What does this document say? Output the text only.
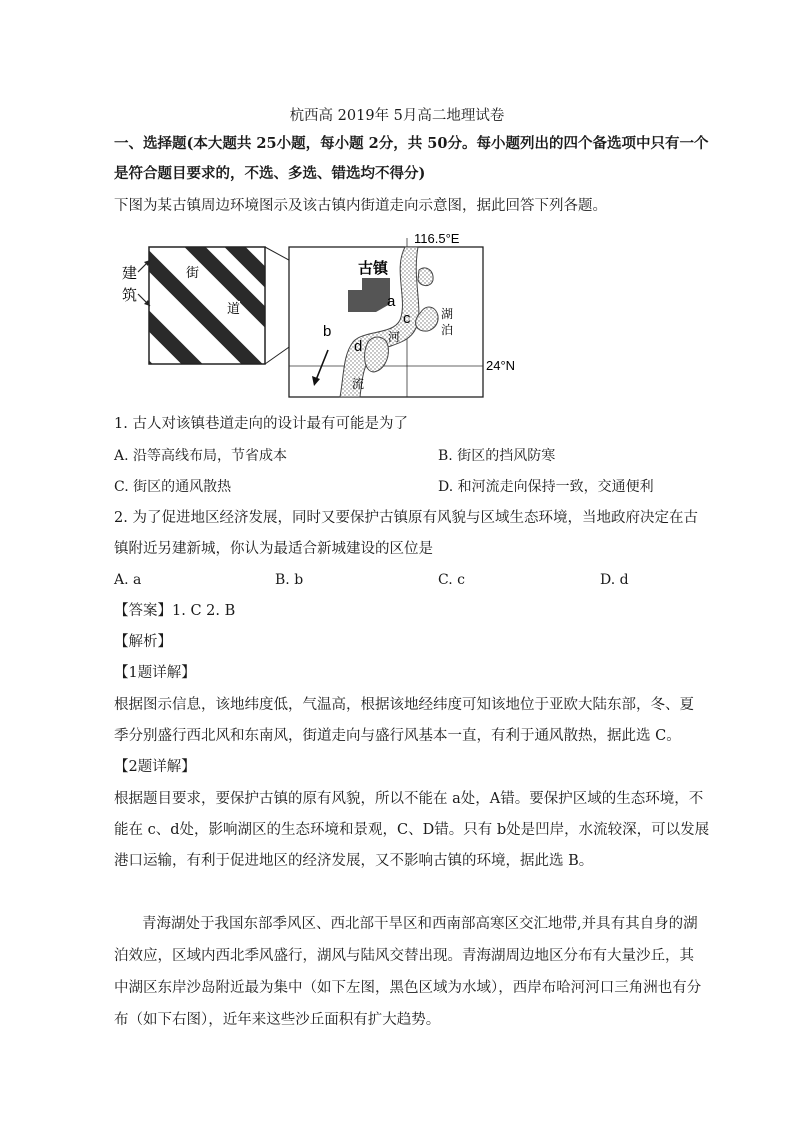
杭西高 2019年 5月高二地理试卷
一、选择题(本大题共 25小题，每小题 2分，共 50分。每小题列出的四个备选项中只有一个
是符合题目要求的，不选、多选、错选均不得分)
下图为某古镇周边环境图示及该古镇内街道走向示意图，据此回答下列各题。
建
筑
街
道
116.5°E
24°N
古镇
a
b
c
d
湖
泊
河
流
1. 古人对该镇巷道走向的设计最有可能是为了
A. 沿等高线布局，节省成本	B. 街区的挡风防寒
C. 街区的通风散热	D. 和河流走向保持一致，交通便利
2. 为了促进地区经济发展，同时又要保护古镇原有风貌与区域生态环境，当地政府决定在古
镇附近另建新城，你认为最适合新城建设的区位是
A. a	B. b	C. c	D. d
【答案】1. C 2. B
【解析】
【1题详解】
根据图示信息，该地纬度低，气温高，根据该地经纬度可知该地位于亚欧大陆东部，冬、夏
季分别盛行西北风和东南风，街道走向与盛行风基本一直，有利于通风散热，据此选 C。
【2题详解】
根据题目要求，要保护古镇的原有风貌，所以不能在 a处，A错。要保护区域的生态环境，不
能在 c、d处，影响湖区的生态环境和景观，C、D错。只有 b处是凹岸，水流较深，可以发展
港口运输，有利于促进地区的经济发展，又不影响古镇的环境，据此选 B。
青海湖处于我国东部季风区、西北部干旱区和西南部高寒区交汇地带,并具有其自身的湖
泊效应，区域内西北季风盛行，湖风与陆风交替出现。青海湖周边地区分布有大量沙丘，其
中湖区东岸沙岛附近最为集中（如下左图，黑色区域为水域），西岸布哈河河口三角洲也有分
布（如下右图），近年来这些沙丘面积有扩大趋势。
